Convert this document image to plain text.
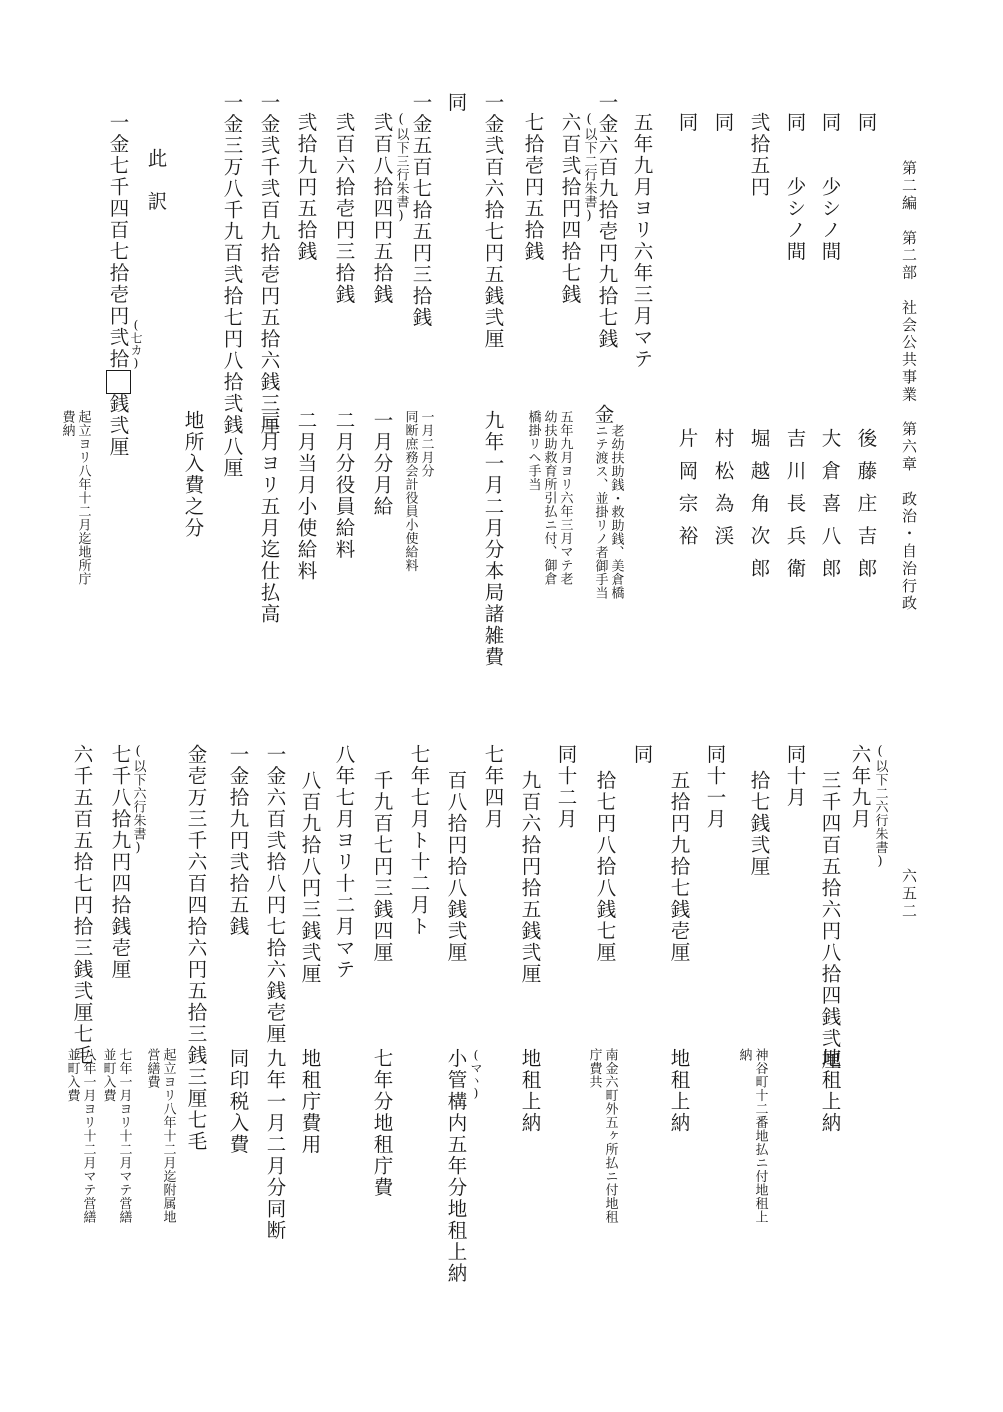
第二編　第二部　社会公共事業　第六章　政治・自治行政
六五二
同
後藤庄吉郎
同　　少シノ間
大倉喜八郎
同　　少シノ間
吉川長兵衛
弐拾五円
堀越角次郎
同
村松為渓
同
片岡宗裕
五年九月ヨリ六年三月マテ
一金六百九拾壱円九拾七銭
(以下二行朱書)
六百弐拾円四拾七銭
金
老幼扶助銭・救助銭、美倉橋
ニテ渡ス、並掛リノ者御手当
七拾壱円五拾銭
五年九月ヨリ六年三月マテ老
幼扶助救育所引払ニ付、御倉
橋掛リヘ手当
一金弐百六拾七円五銭弐厘
九年一月二月分本局諸雑費
同
一金五百七拾五円三拾銭
(以下三行朱書)
弐百八拾四円五拾銭
一月二月分
同断庶務会計役員小使給料
一月分月給
弐百六拾壱円三拾銭
二月分役員給料
弐拾九円五拾銭
二月当月小使給料
一金弐千弐百九拾壱円五拾六銭三厘
三月ヨリ五月迄仕払高
一金三万八千九百弐拾七円八拾弐銭八厘
地所入費之分
此　訳
一金七千四百七拾壱円弐拾　銭弐厘
(七カ)
起立ヨリ八年十二月迄地所庁
費納
(以下二六行朱書)
六年九月
三千四百五拾六円八拾四銭弐厘
地租上納
同十月
拾七銭弐厘
神谷町十二番地払ニ付地租上
納
同十一月
五拾円九拾七銭壱厘
地租上納
同
拾七円八拾八銭七厘
南金六町外五ヶ所払ニ付地租
庁費共
同十二月
九百六拾円拾五銭弐厘
地租上納
七年四月
百八拾円拾八銭弐厘
(マヽ)
小管構内五年分地租上納
七年七月ト十二月ト
千九百七円三銭四厘
七年分地租庁費
八年七月ヨリ十二月マテ
八百九拾八円三銭弐厘
地租庁費用
一金六百弐拾八円七拾六銭壱厘
九年一月二月分同断
一金拾九円弐拾五銭
同印税入費
金壱万三千六百四拾六円五拾三銭三厘七毛
起立ヨリ八年十二月迄附属地
営繕費
(以下六行朱書)
七千八拾九円四拾銭壱厘
七年一月ヨリ十二月マテ営繕
並町入費
六千五百五拾七円拾三銭弐厘七毛
八年一月ヨリ十二月マテ営繕
並町入費
